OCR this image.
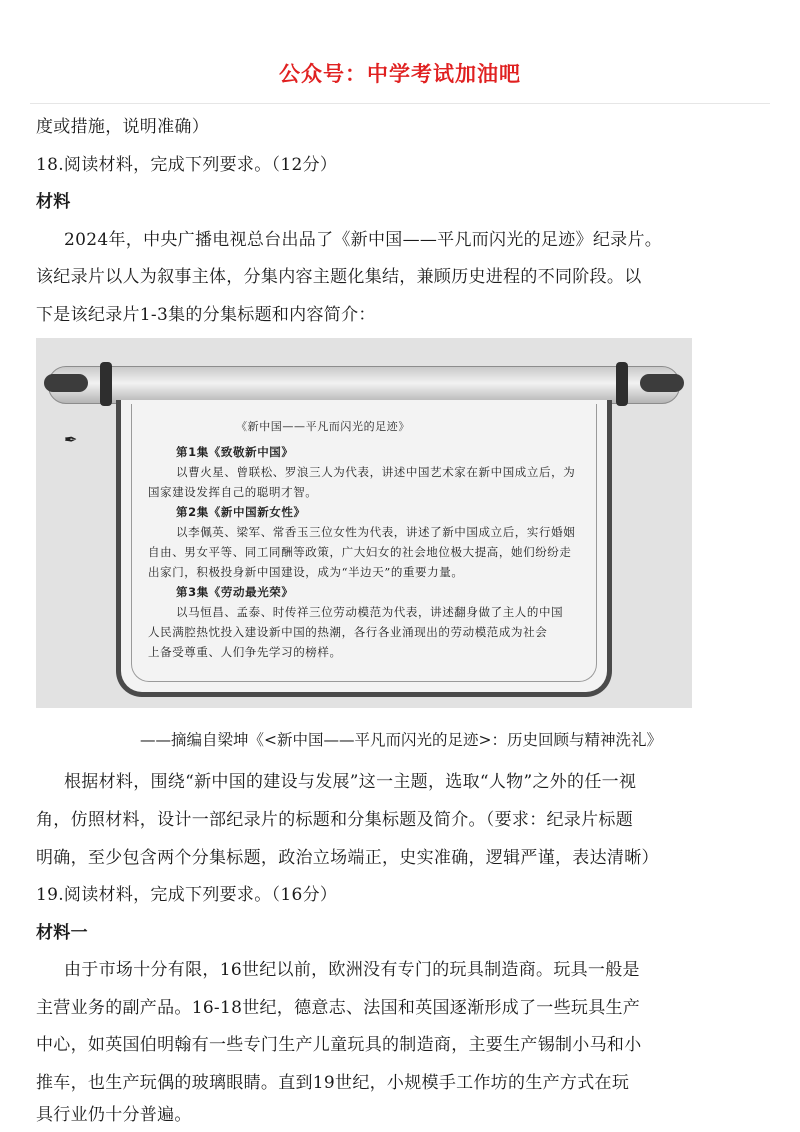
公众号：中学考试加油吧
度或措施，说明准确）
18.阅读材料，完成下列要求。（12分）
材料
2024年，中央广播电视总台出品了《新中国——平凡而闪光的足迹》纪录片。
该纪录片以人为叙事主体，分集内容主题化集结，兼顾历史进程的不同阶段。以
下是该纪录片1-3集的分集标题和内容简介：
✒
《新中国——平凡而闪光的足迹》
第1集《致敬新中国》
以曹火星、曾联松、罗浪三人为代表，讲述中国艺术家在新中国成立后，为
国家建设发挥自己的聪明才智。
第2集《新中国新女性》
以李佩英、梁军、常香玉三位女性为代表，讲述了新中国成立后，实行婚姻
自由、男女平等、同工同酬等政策，广大妇女的社会地位极大提高，她们纷纷走
出家门，积极投身新中国建设，成为“半边天”的重要力量。
第3集《劳动最光荣》
以马恒昌、孟泰、时传祥三位劳动模范为代表，讲述翻身做了主人的中国
人民满腔热忱投入建设新中国的热潮，各行各业涌现出的劳动模范成为社会
上备受尊重、人们争先学习的榜样。
——摘编自梁坤《<新中国——平凡而闪光的足迹>：历史回顾与精神洗礼》
根据材料，围绕“新中国的建设与发展”这一主题，选取“人物”之外的任一视
角，仿照材料，设计一部纪录片的标题和分集标题及简介。（要求：纪录片标题
明确，至少包含两个分集标题，政治立场端正，史实准确，逻辑严谨，表达清晰）
19.阅读材料，完成下列要求。（16分）
材料一
由于市场十分有限，16世纪以前，欧洲没有专门的玩具制造商。玩具一般是
主营业务的副产品。16-18世纪，德意志、法国和英国逐渐形成了一些玩具生产
中心，如英国伯明翰有一些专门生产儿童玩具的制造商，主要生产锡制小马和小
推车，也生产玩偶的玻璃眼睛。直到19世纪，小规模手工作坊的生产方式在玩
具行业仍十分普遍。
